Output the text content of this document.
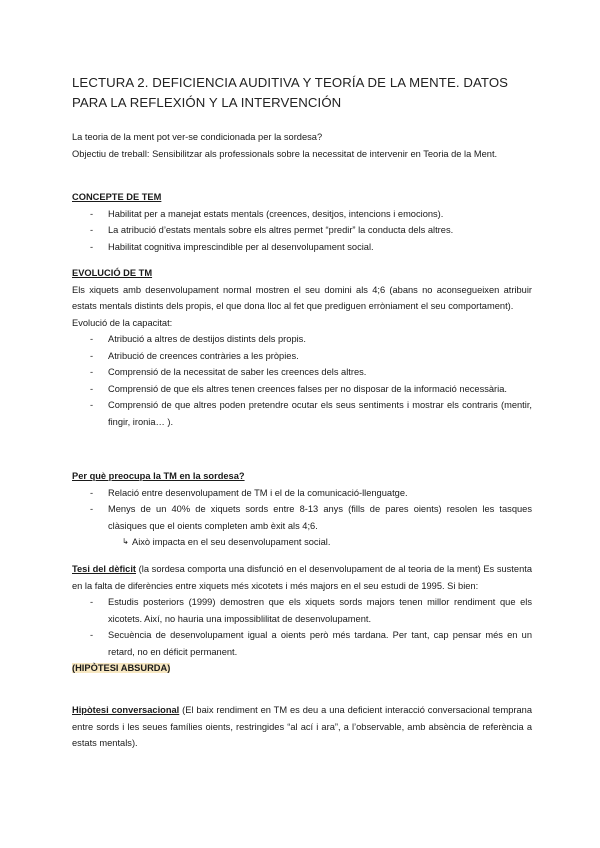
LECTURA 2. DEFICIENCIA AUDITIVA Y TEORÍA DE LA MENTE. DATOS PARA LA REFLEXIÓN Y LA INTERVENCIÓN
La teoria de la ment pot ver-se condicionada per la sordesa?
Objectiu de treball: Sensibilitzar als professionals sobre la necessitat de intervenir en Teoria de la Ment.
CONCEPTE DE TEM
- Habilitat per a manejat estats mentals (creences, desitjos, intencions i emocions).
- La atribució d’estats mentals sobre els altres permet “predir” la conducta dels altres.
- Habilitat cognitiva imprescindible per al desenvolupament social.
EVOLUCIÓ DE TM
Els xiquets amb desenvolupament normal mostren el seu domini als 4;6 (abans no aconsegueixen atribuir estats mentals distints dels propis, el que dona lloc al fet que prediguen erròniament el seu comportament).
Evolució de la capacitat:
- Atribució a altres de destijos distints dels propis.
- Atribució de creences contràries a les pròpies.
- Comprensió de la necessitat de saber les creences dels altres.
- Comprensió de que els altres tenen creences falses per no disposar de la informació necessària.
- Comprensió de que altres poden pretendre ocutar els seus sentiments i mostrar els contraris (mentir, fingir, ironia… ).
Per què preocupa la TM en la sordesa?
- Relació entre desenvolupament de TM i el de la comunicació-llenguatge.
- Menys de un 40% de xiquets sords entre 8-13 anys (fills de pares oients) resolen les tasques clàsiques que el oients completen amb èxit als 4;6.
↳ Això impacta en el seu desenvolupament social.
Tesi del dèficit (la sordesa comporta una disfunció en el desenvolupament de al teoria de la ment) Es sustenta en la falta de diferències entre xiquets més xicotets i més majors en el seu estudi de 1995. Si bien:
- Estudis posteriors (1999) demostren que els xiquets sords majors tenen millor rendiment que els xicotets. Així, no hauria una impossiblilitat de desenvolupament.
- Secuència de desenvolupament igual a oients però més tardana. Per tant, cap pensar més en un retard, no en déficit permanent.
(HIPÒTESI ABSURDA)
Hipòtesi conversacional (El baix rendiment en TM es deu a una deficient interacció conversacional temprana entre sords i les seues famílies oients, restringides “al ací i ara”, a l’observable, amb absència de referència a estats mentals).
